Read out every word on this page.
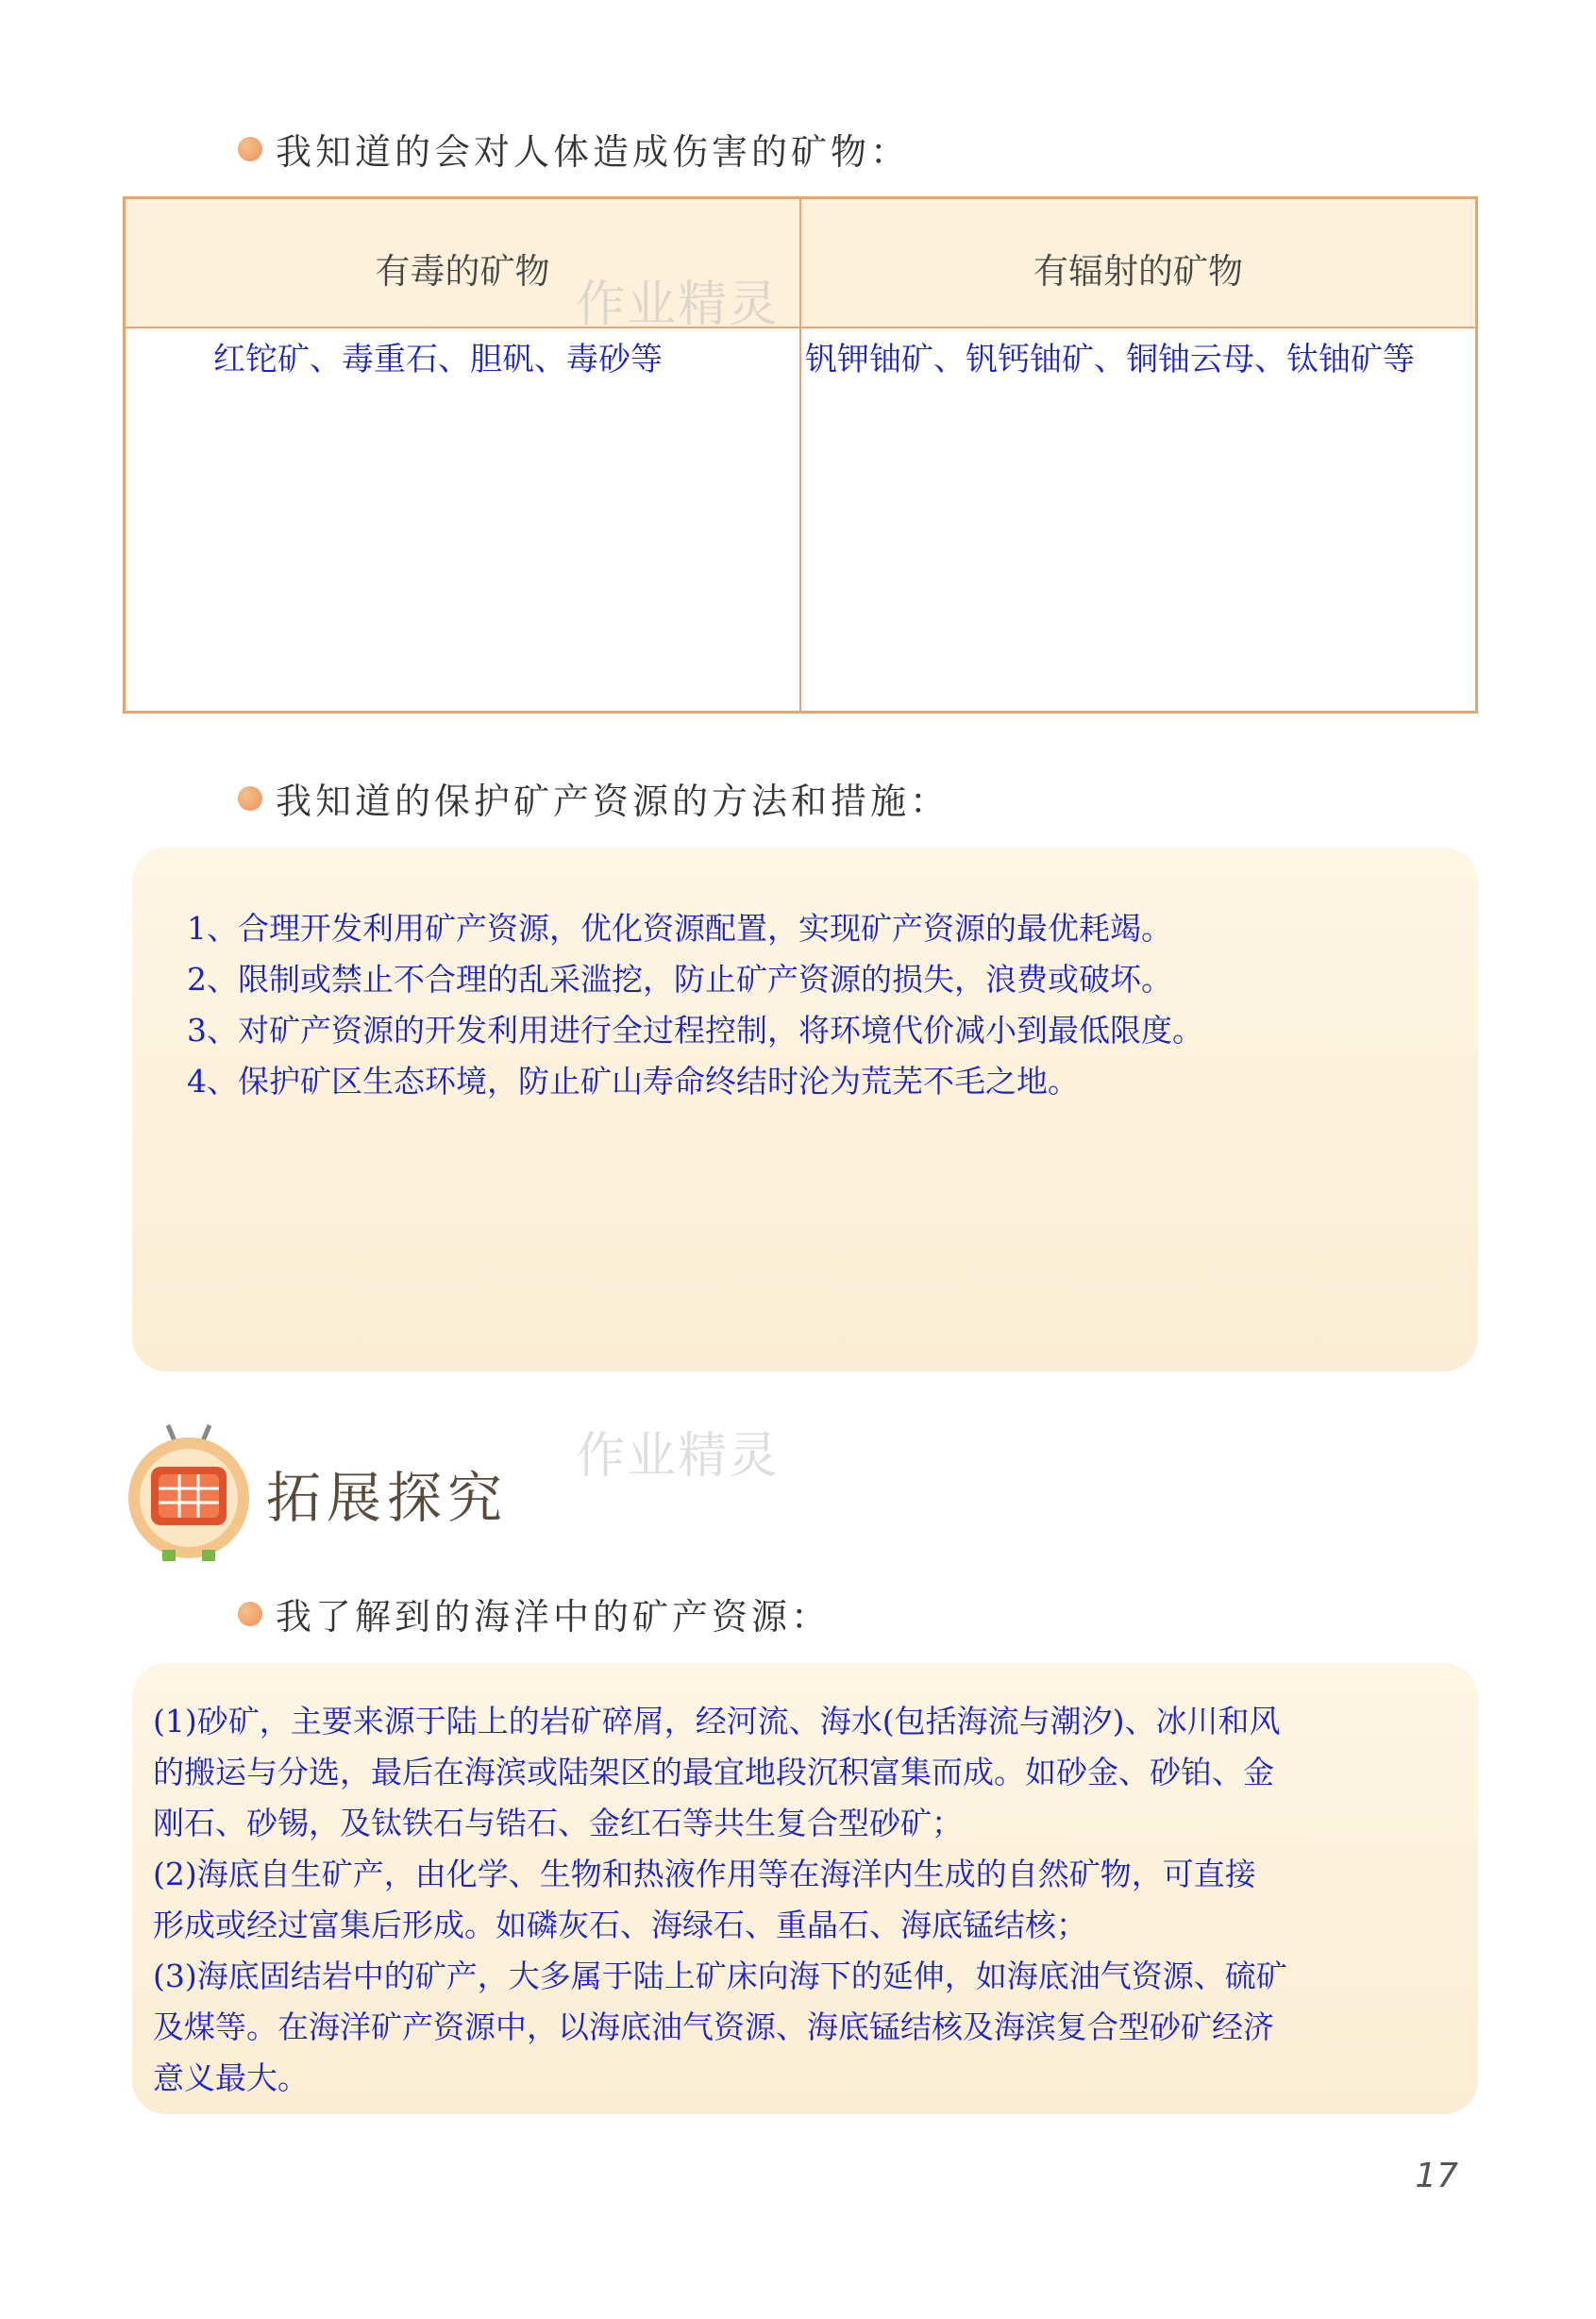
我知道的会对人体造成伤害的矿物：
有毒的矿物	有辐射的矿物
红铊矿、毒重石、胆矾、毒砂等	钒钾铀矿、钒钙铀矿、铜铀云母、钛铀矿等
作业精灵
我知道的保护矿产资源的方法和措施：
1、合理开发利用矿产资源，优化资源配置，实现矿产资源的最优耗竭。
2、限制或禁止不合理的乱采滥挖，防止矿产资源的损失，浪费或破坏。
3、对矿产资源的开发利用进行全过程控制，将环境代价减小到最低限度。
4、保护矿区生态环境，防止矿山寿命终结时沦为荒芜不毛之地。
拓展探究
作业精灵
我了解到的海洋中的矿产资源：
(1)砂矿，主要来源于陆上的岩矿碎屑，经河流、海水(包括海流与潮汐)、冰川和风
的搬运与分选，最后在海滨或陆架区的最宜地段沉积富集而成。如砂金、砂铂、金
刚石、砂锡，及钛铁石与锆石、金红石等共生复合型砂矿；
(2)海底自生矿产，由化学、生物和热液作用等在海洋内生成的自然矿物，可直接
形成或经过富集后形成。如磷灰石、海绿石、重晶石、海底锰结核；
(3)海底固结岩中的矿产，大多属于陆上矿床向海下的延伸，如海底油气资源、硫矿
及煤等。在海洋矿产资源中，以海底油气资源、海底锰结核及海滨复合型砂矿经济
意义最大。
17
